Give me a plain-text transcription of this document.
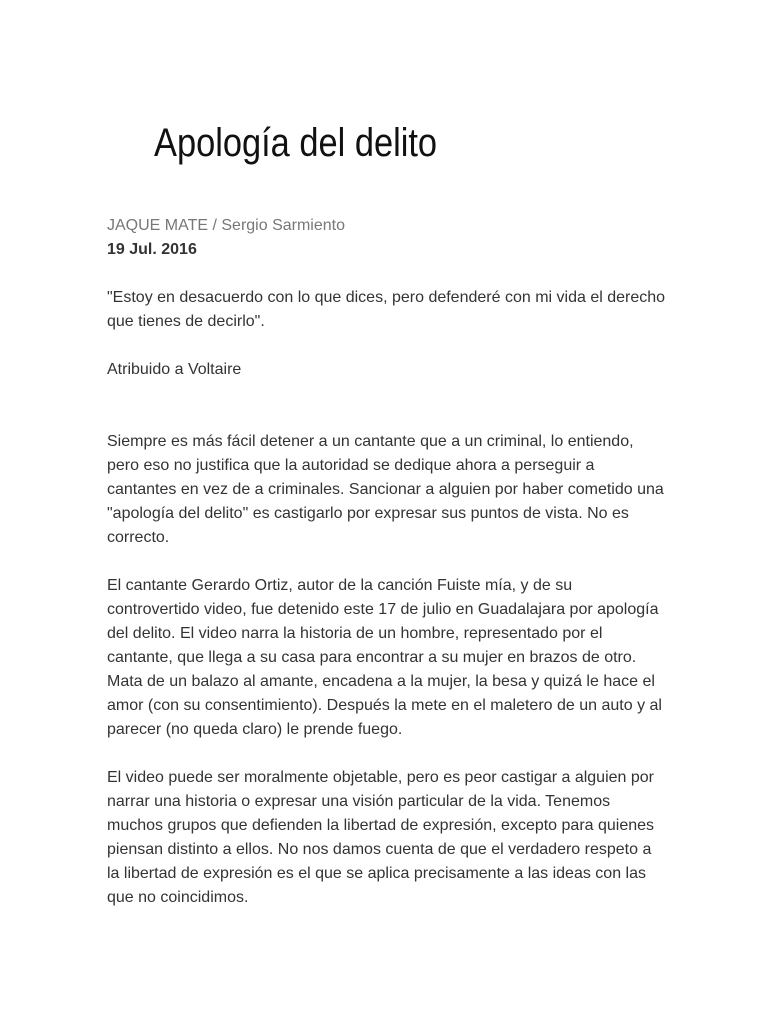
Apología del delito

JAQUE MATE / Sergio Sarmiento

19 Jul. 2016

"Estoy en desacuerdo con lo que dices, pero defenderé con mi vida el derecho que tienes de decirlo".

Atribuido a Voltaire

Siempre es más fácil detener a un cantante que a un criminal, lo entiendo, pero eso no justifica que la autoridad se dedique ahora a perseguir a cantantes en vez de a criminales. Sancionar a alguien por haber cometido una "apología del delito" es castigarlo por expresar sus puntos de vista. No es correcto.

El cantante Gerardo Ortiz, autor de la canción Fuiste mía, y de su controvertido video, fue detenido este 17 de julio en Guadalajara por apología del delito. El video narra la historia de un hombre, representado por el cantante, que llega a su casa para encontrar a su mujer en brazos de otro. Mata de un balazo al amante, encadena a la mujer, la besa y quizá le hace el amor (con su consentimiento). Después la mete en el maletero de un auto y al parecer (no queda claro) le prende fuego.

El video puede ser moralmente objetable, pero es peor castigar a alguien por narrar una historia o expresar una visión particular de la vida. Tenemos muchos grupos que defienden la libertad de expresión, excepto para quienes piensan distinto a ellos. No nos damos cuenta de que el verdadero respeto a la libertad de expresión es el que se aplica precisamente a las ideas con las que no coincidimos.
